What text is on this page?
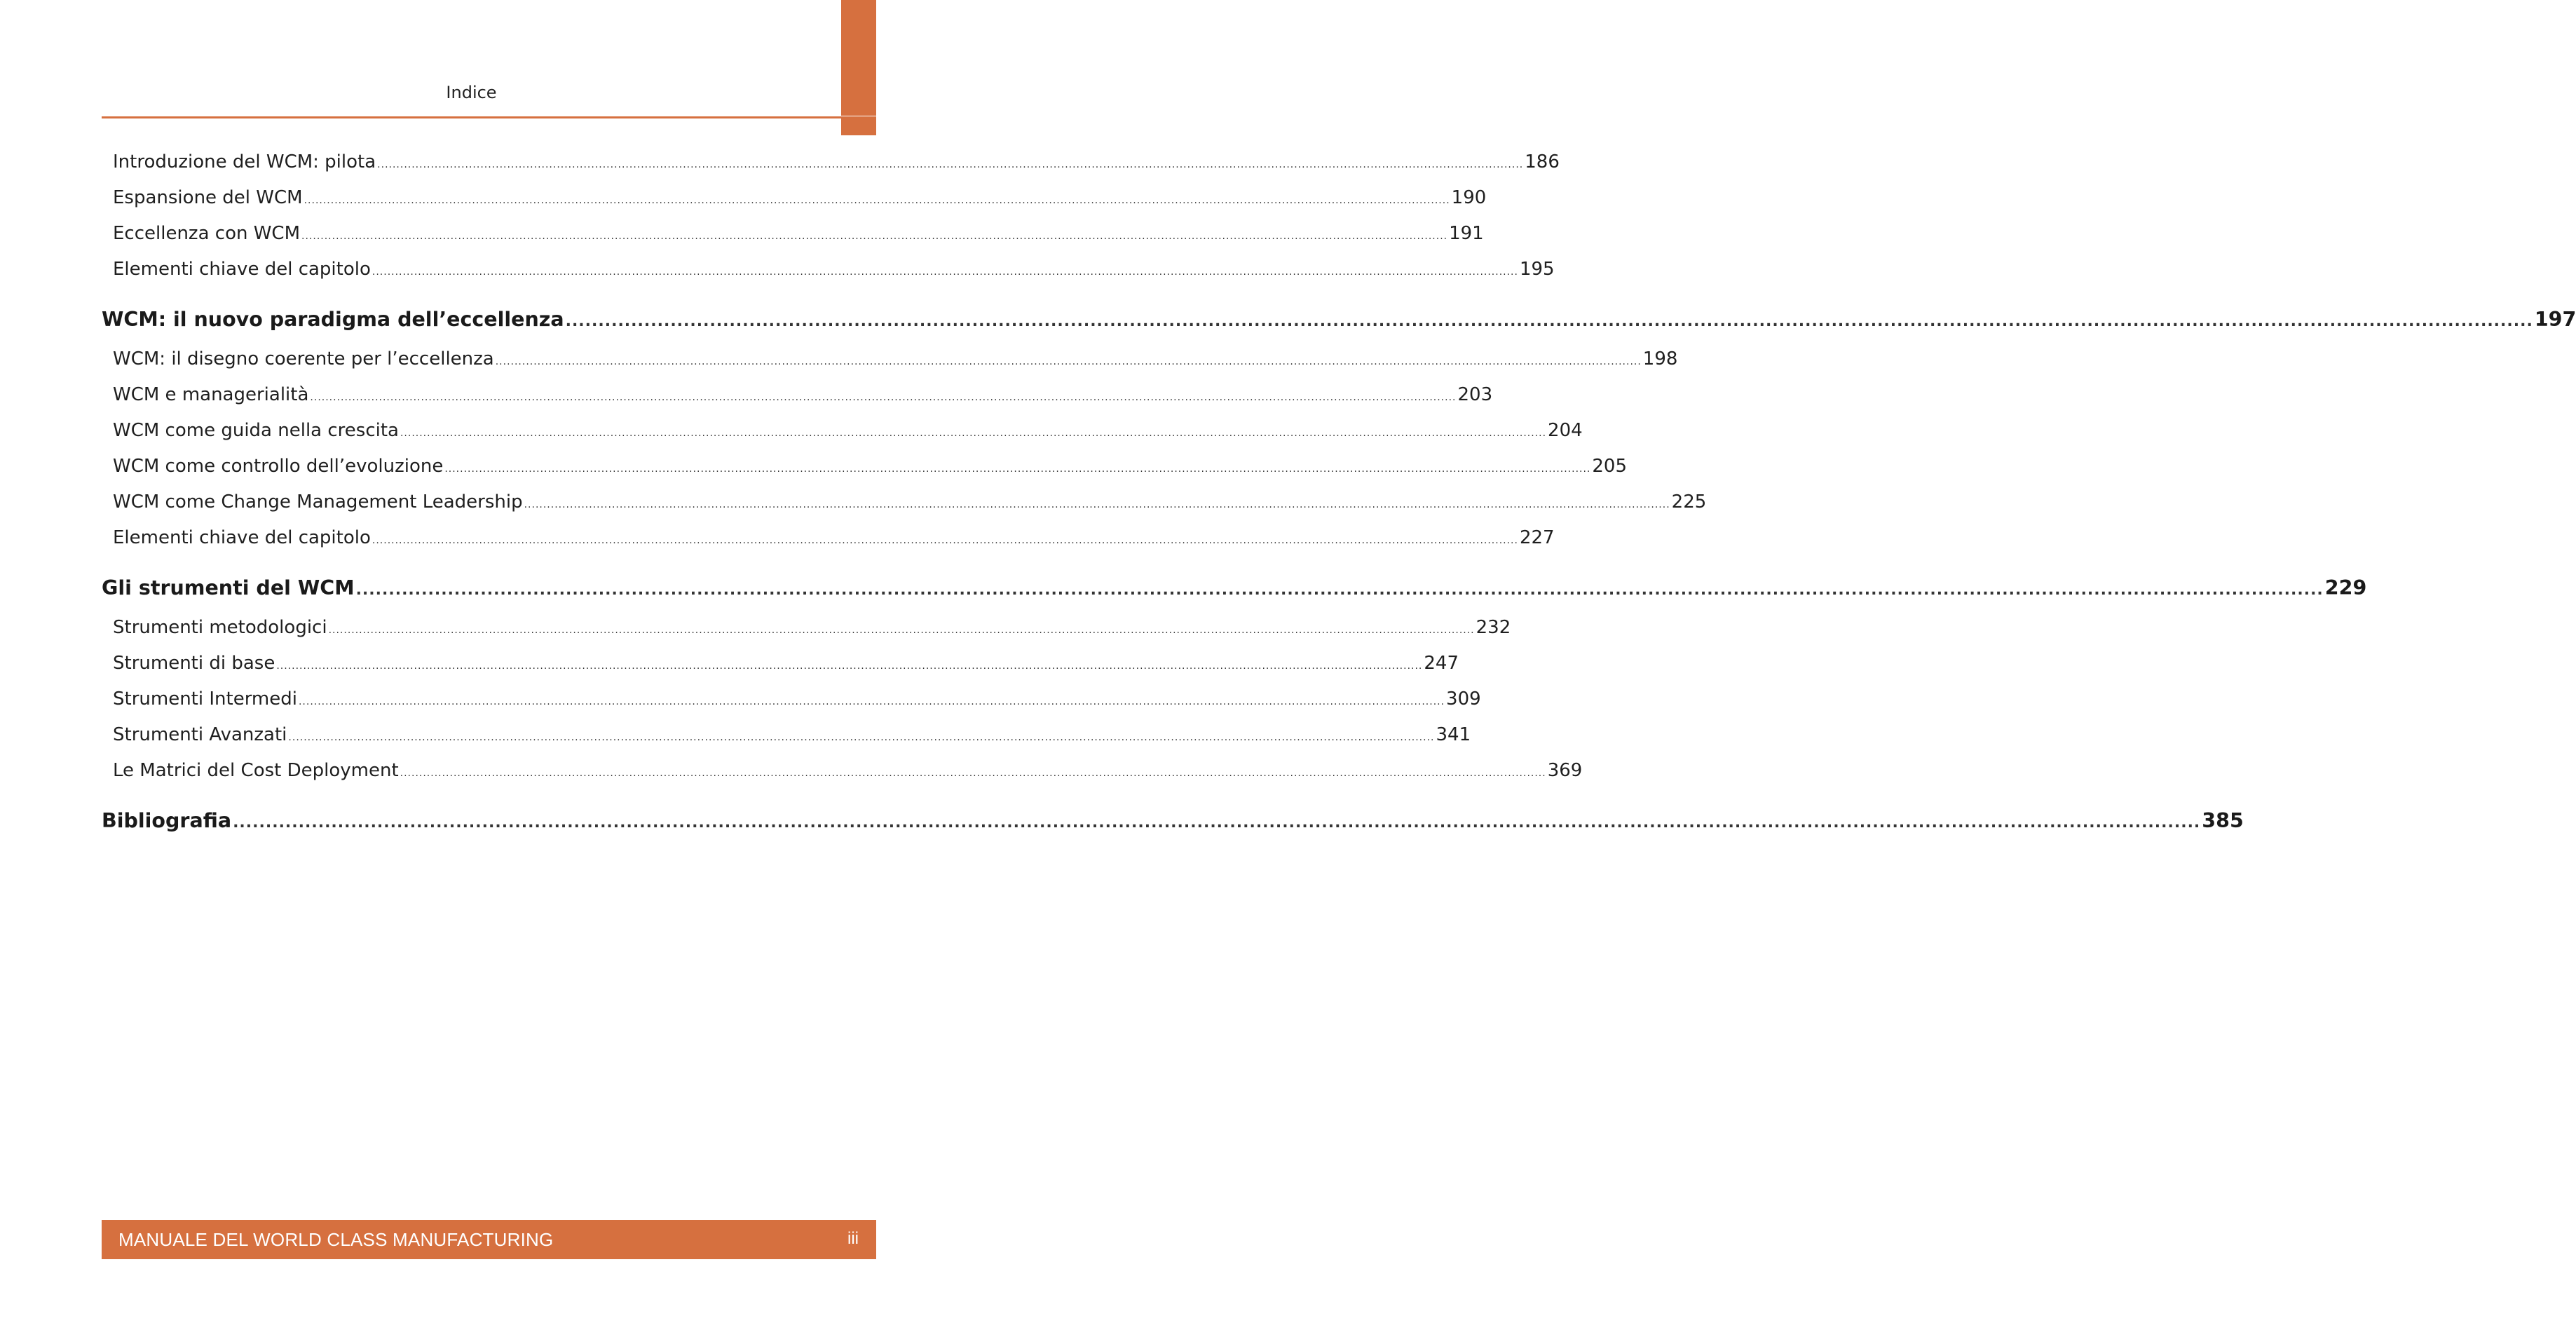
Indice
Introduzione del WCM: pilota ............................................................................................................................................................................................................................................................................................................ 186
Espansione del WCM ............................................................................................................................................................................................................................................................................................................ 190
Eccellenza con WCM ............................................................................................................................................................................................................................................................................................................ 191
Elementi chiave del capitolo ............................................................................................................................................................................................................................................................................................................ 195
WCM: il nuovo paradigma dell’eccellenza ............................................................................................................................................................................................................................................................................................................ 197
WCM: il disegno coerente per l’eccellenza ............................................................................................................................................................................................................................................................................................................ 198
WCM e managerialità ............................................................................................................................................................................................................................................................................................................ 203
WCM come guida nella crescita ............................................................................................................................................................................................................................................................................................................ 204
WCM come controllo dell’evoluzione ............................................................................................................................................................................................................................................................................................................ 205
WCM come Change Management Leadership ............................................................................................................................................................................................................................................................................................................ 225
Elementi chiave del capitolo ............................................................................................................................................................................................................................................................................................................ 227
Gli strumenti del WCM ............................................................................................................................................................................................................................................................................................................ 229
Strumenti metodologici ............................................................................................................................................................................................................................................................................................................ 232
Strumenti di base ............................................................................................................................................................................................................................................................................................................ 247
Strumenti Intermedi ............................................................................................................................................................................................................................................................................................................ 309
Strumenti Avanzati ............................................................................................................................................................................................................................................................................................................ 341
Le Matrici del Cost Deployment ............................................................................................................................................................................................................................................................................................................ 369
Bibliografia ............................................................................................................................................................................................................................................................................................................ 385
MANUALE DEL WORLD CLASS MANUFACTURING	iii
